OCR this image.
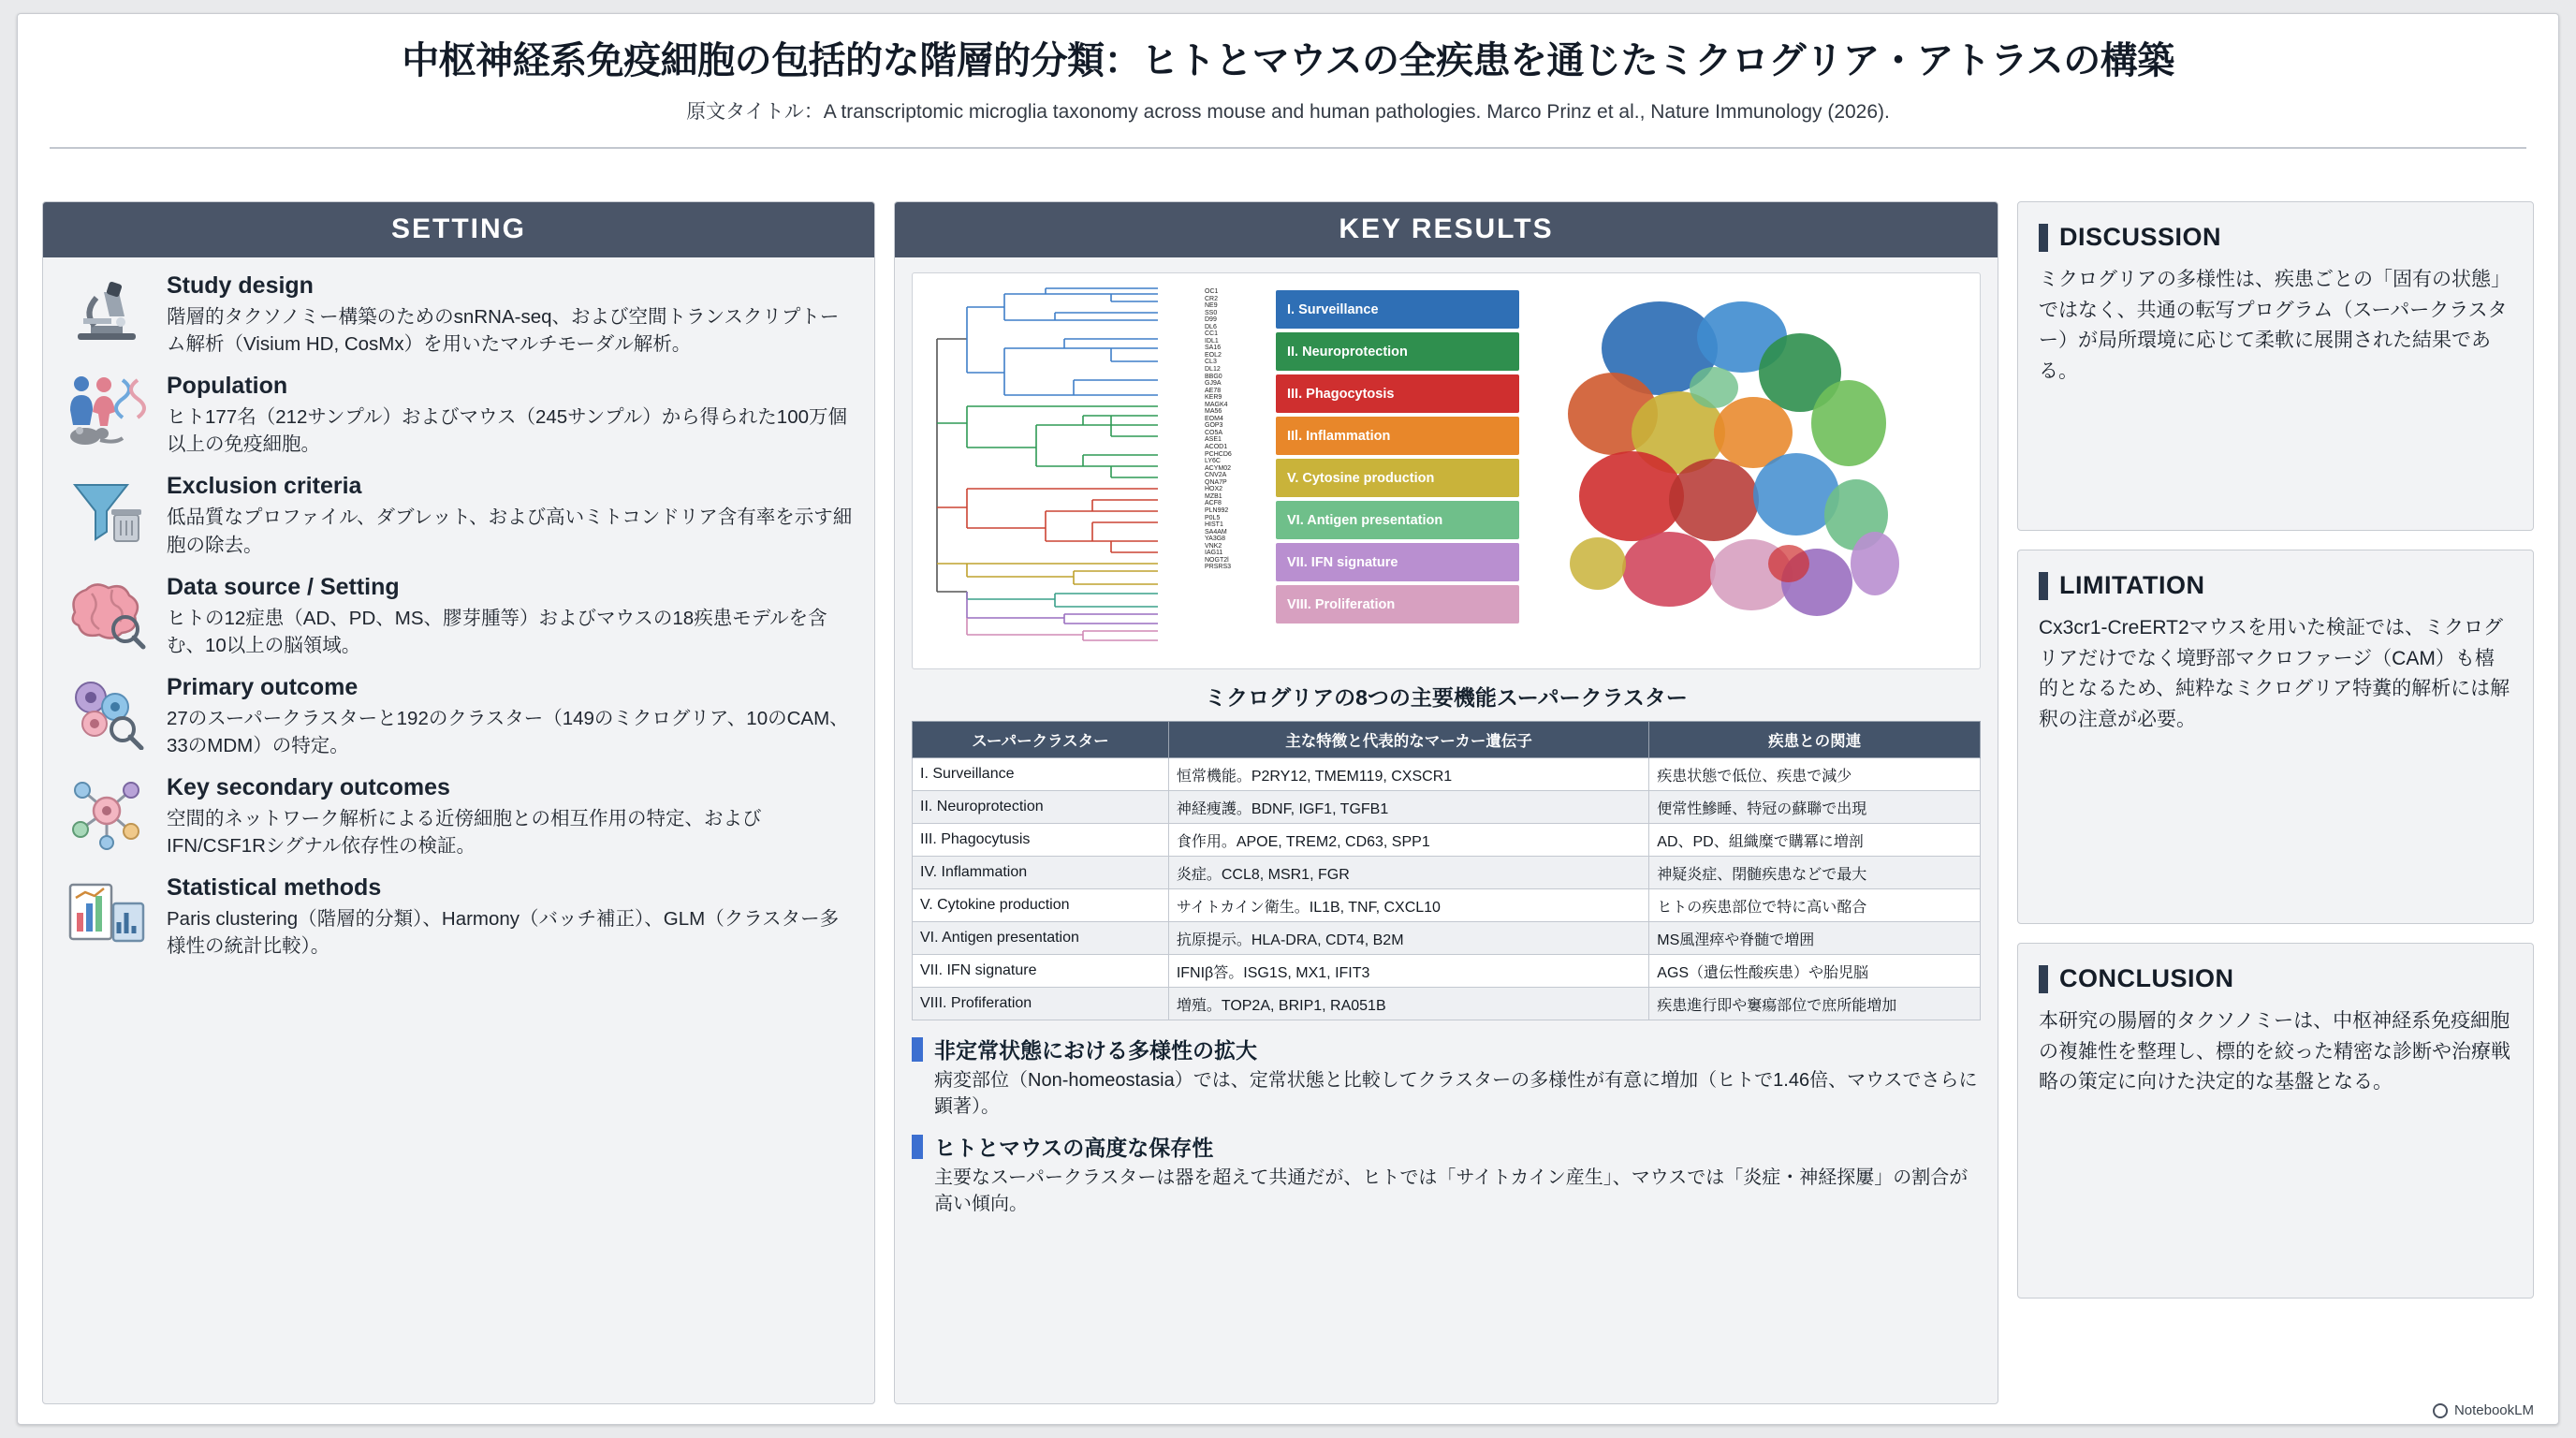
中枢神経系免疫細胞の包括的な階層的分類：ヒトとマウスの全疾患を通じたミクログリア・アトラスの構築
原文タイトル：A transcriptomic microglia taxonomy across mouse and human pathologies. Marco Prinz et al., Nature Immunology (2026).
SETTING
Study design
階層的タクソノミー構築のためのsnRNA-seq、および空間トランスクリプトーム解析（Visium HD, CosMx）を用いたマルチモーダル解析。
Population
ヒト177名（212サンプル）およびマウス（245サンプル）から得られた100万個以上の免疫細胞。
Exclusion criteria
低品質なプロファイル、ダブレット、および高いミトコンドリア含有率を示す細胞の除去。
Data source / Setting
ヒトの12症患（AD、PD、MS、膠芽腫等）およびマウスの18疾患モデルを含む、10以上の脳領域。
Primary outcome
27のスーパークラスターと192のクラスター（149のミクログリア、10のCAM、33のMDM）の特定。
Key secondary outcomes
空間的ネットワーク解析による近傍細胞との相互作用の特定、およびIFN/CSF1Rシグナル依存性の検証。
Statistical methods
Paris clustering（階層的分類）、Harmony（バッチ補正）、GLM（クラスター多様性の統計比較）。
KEY RESULTS
OC1
CR2
NE9
SS0
D99
DL6
CC1
IDL1
SA16
EOL2
CL3
DL12
BBG0
GJ9A
AE78
KER9
MAGK4
MA56
EOM4
GOP3
CO5A
ASE1
ACOD1
PCHCD6
LY6C
ACYM02
CNV2A
QNA7P
HOX2
MZB1
ACF8
PLN992
P0L5
HIST1
SA4AM
YA3G8
VNK2
IAG11
NOGT2l
PRSRS3
I. Surveillance
II. Neuroprotection
III. Phagocytosis
IIl. Inflammation
V. Cytosine production
VI. Antigen presentation
VII. IFN signature
VIII. Proliferation
ミクログリアの8つの主要機能スーパークラスター
スーパークラスター	主な特徴と代表的なマーカー遺伝子	疾患との関連
I. Surveillance	恒常機能。P2RY12, TMEM119, CXSCR1	疾患状態で低位、疾患で減少
II. Neuroprotection	神経痩護。BDNF, IGF1, TGFB1	便常性鰺睡、特冠の蘇聯で出現
III. Phagocytusis	食作用。APOE, TREM2, CD63, SPP1	AD、PD、組織糜で購冪に増剖
IV. Inflammation	炎症。CCL8, MSR1, FGR	神疑炎症、閉髄疾患などで最大
V. Cytokine production	サイトカイン衛生。IL1B, TNF, CXCL10	ヒトの疾患部位で特に高い酩合
VI. Antigen presentation	抗原提示。HLA-DRA, CDT4, B2M	MS風浬瘁や脊髄で増囲
VII. IFN signature	IFNIβ答。ISG1S, MX1, IFIT3	AGS（遺伝性酸疾患）や胎児脳
VIII. Profiferation	増殖。TOP2A, BRIP1, RA051B	疾患進行即や窶瘍部位で庶所能増加
非定常状態における多様性の拡大
病変部位（Non-homeostasia）では、定常状態と比較してクラスターの多様性が有意に増加（ヒトで1.46倍、マウスでさらに顕著）。
ヒトとマウスの高度な保存性
主要なスーパークラスターは器を超えて共通だが、ヒトでは「サイトカイン産生」、マウスでは「炎症・神経探屢」の割合が高い傾向。
DISCUSSION
ミクログリアの多様性は、疾患ごとの「固有の状態」ではなく、共通の転写プログラム（スーパークラスター）が局所環境に応じて柔軟に展開された結果である。
LIMITATION
Cx3cr1-CreERT2マウスを用いた検証では、ミクログリアだけでなく境野部マクロファージ（CAM）も橲的となるため、純粋なミクログリア特糞的解析には解釈の注意が必要。
CONCLUSION
本研究の腸層的タクソノミーは、中枢神経系免疫細胞の複雑性を整理し、標的を絞った精密な診断や治療戦略の策定に向けた決定的な基盤となる。
NotebookLM
